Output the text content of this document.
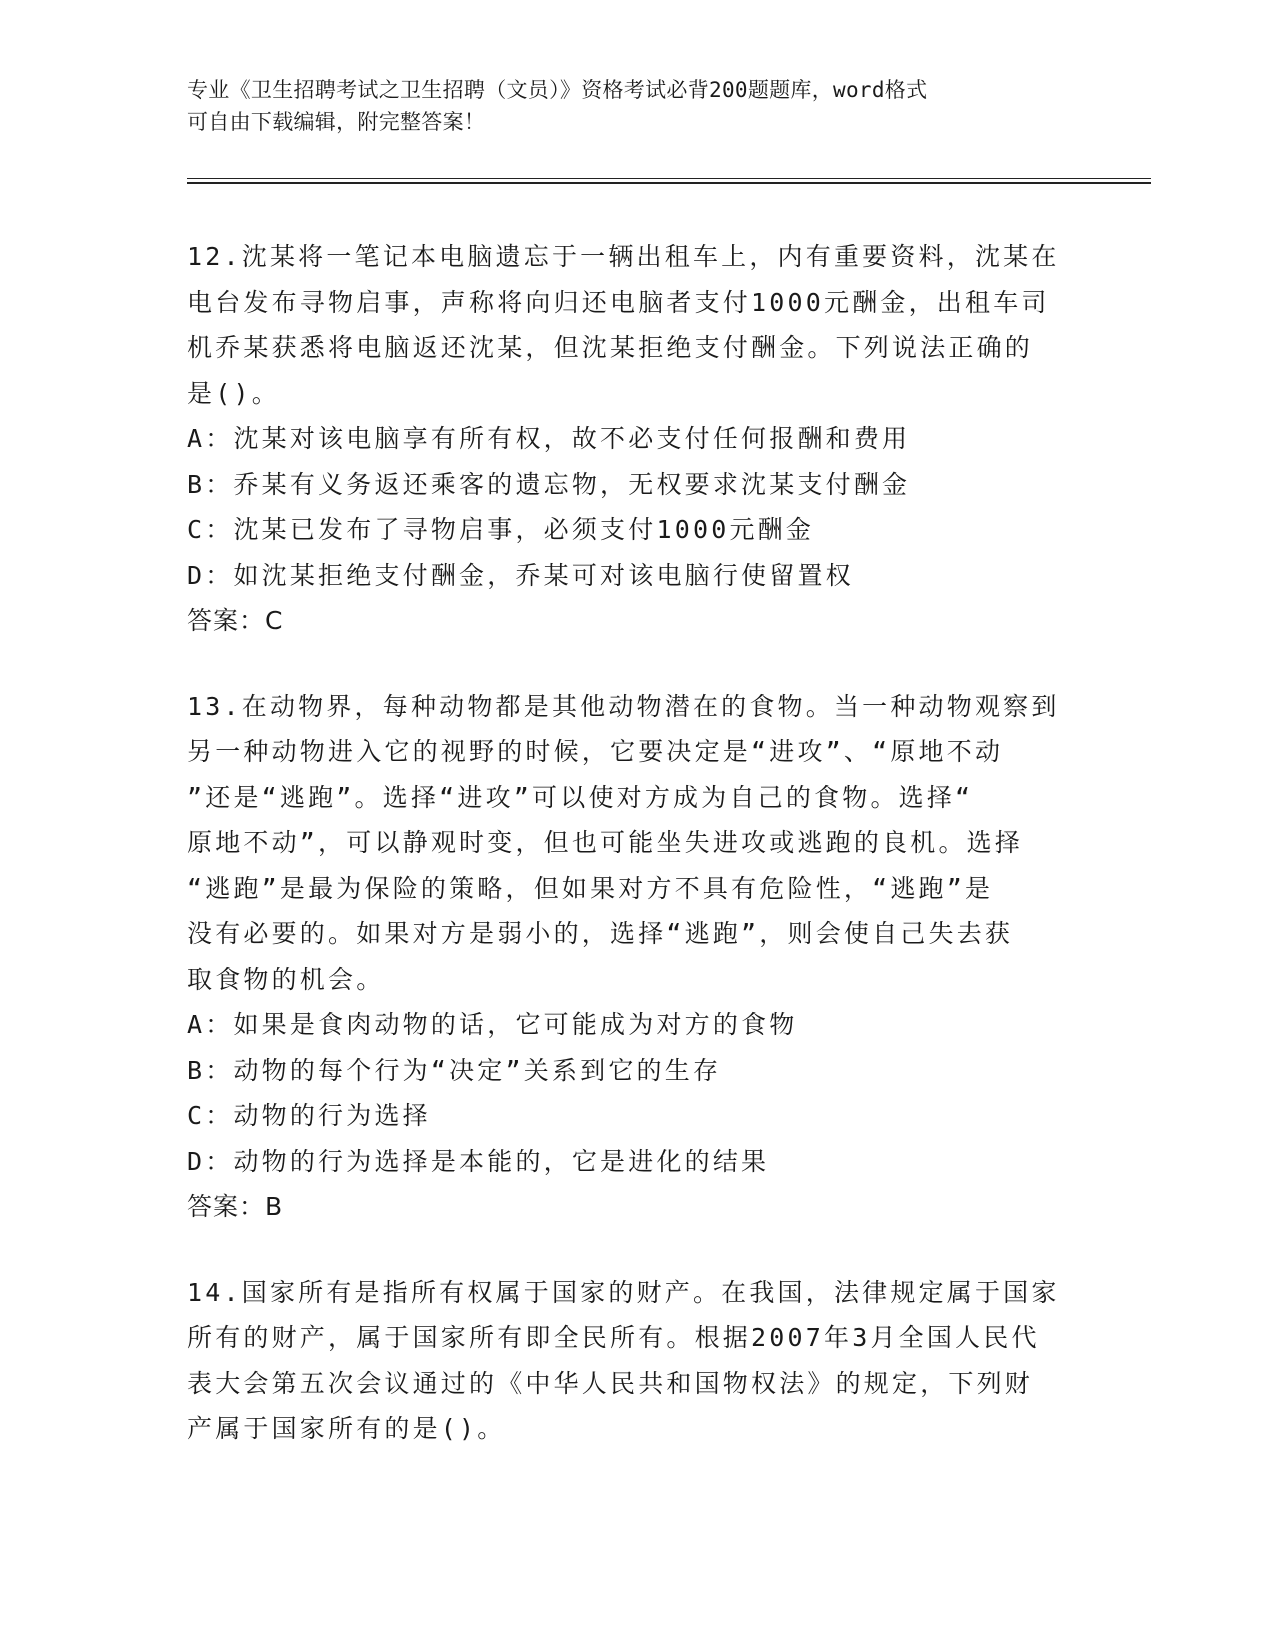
专业《卫生招聘考试之卫生招聘（文员）》资格考试必背200题题库，word格式
可自由下载编辑，附完整答案！
12.沈某将一笔记本电脑遗忘于一辆出租车上，内有重要资料，沈某在
电台发布寻物启事，声称将向归还电脑者支付1000元酬金，出租车司
机乔某获悉将电脑返还沈某，但沈某拒绝支付酬金。下列说法正确的
是()。
A：沈某对该电脑享有所有权，故不必支付任何报酬和费用
B：乔某有义务返还乘客的遗忘物，无权要求沈某支付酬金
C：沈某已发布了寻物启事，必须支付1000元酬金
D：如沈某拒绝支付酬金，乔某可对该电脑行使留置权
答案：C
13.在动物界，每种动物都是其他动物潜在的食物。当一种动物观察到
另一种动物进入它的视野的时候，它要决定是“进攻”、“原地不动
”还是“逃跑”。选择“进攻”可以使对方成为自己的食物。选择“
原地不动”，可以静观时变，但也可能坐失进攻或逃跑的良机。选择
“逃跑”是最为保险的策略，但如果对方不具有危险性，“逃跑”是
没有必要的。如果对方是弱小的，选择“逃跑”，则会使自己失去获
取食物的机会。
A：如果是食肉动物的话，它可能成为对方的食物
B：动物的每个行为“决定”关系到它的生存
C：动物的行为选择
D：动物的行为选择是本能的，它是进化的结果
答案：B
14.国家所有是指所有权属于国家的财产。在我国，法律规定属于国家
所有的财产，属于国家所有即全民所有。根据2007年3月全国人民代
表大会第五次会议通过的《中华人民共和国物权法》的规定，下列财
产属于国家所有的是()。
